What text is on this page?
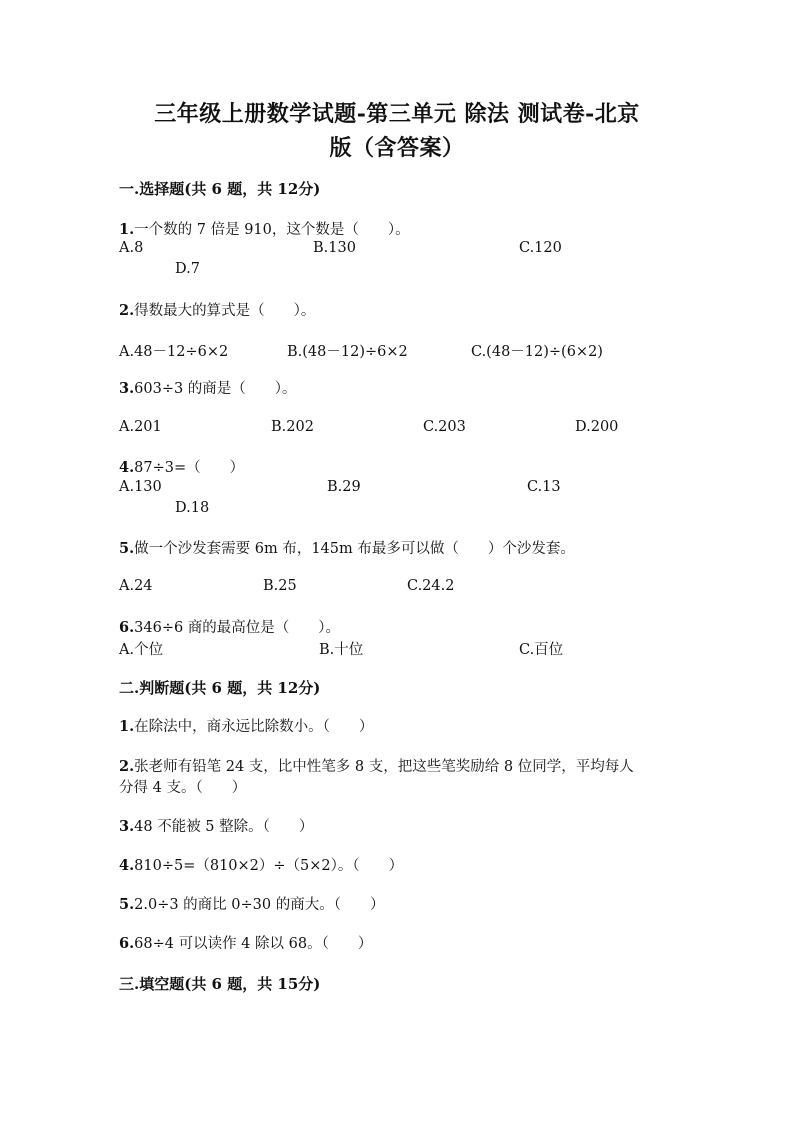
三年级上册数学试题-第三单元 除法 测试卷-北京
版（含答案）
一.选择题(共 6 题，共 12分)
1.一个数的 7 倍是 910，这个数是（　　）。
A.8	B.130	C.120
D.7
2.得数最大的算式是（　　）。
A.48－12÷6×2	B.(48－12)÷6×2	C.(48－12)÷(6×2)
3.603÷3 的商是（　　）。
A.201	B.202	C.203	D.200
4.87÷3=（　　）
A.130	B.29	C.13
D.18
5.做一个沙发套需要 6m 布，145m 布最多可以做（　　）个沙发套。
A.24	B.25	C.24.2
6.346÷6 商的最高位是（　　）。
A.个位	B.十位	C.百位
二.判断题(共 6 题，共 12分)
1.在除法中，商永远比除数小。（　　）
2.张老师有铅笔 24 支，比中性笔多 8 支，把这些笔奖励给 8 位同学，平均每人
分得 4 支。（　　）
3.48 不能被 5 整除。（　　）
4.810÷5=（810×2）÷（5×2）。（　　）
5.2.0÷3 的商比 0÷30 的商大。（　　）
6.68÷4 可以读作 4 除以 68。（　　）
三.填空题(共 6 题，共 15分)
